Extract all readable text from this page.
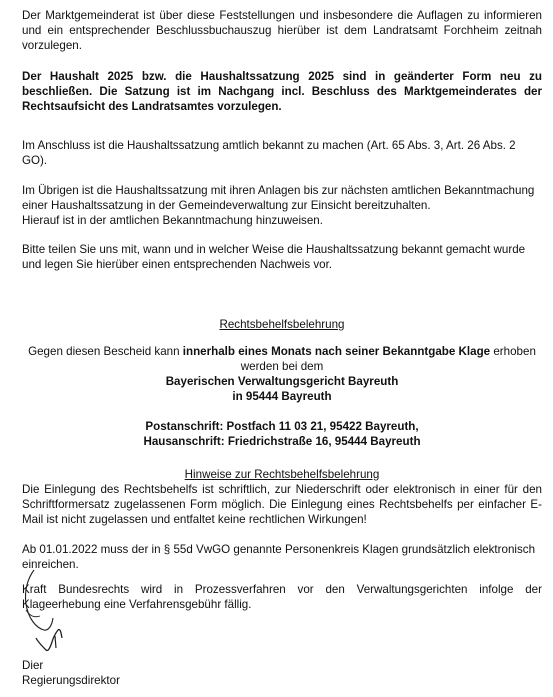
Der Marktgemeinderat ist über diese Feststellungen und insbesondere die Auflagen zu informieren und ein entsprechender Beschlussbuchauszug hierüber ist dem Landratsamt Forchheim zeitnah vorzulegen.

Der Haushalt 2025 bzw. die Haushaltssatzung 2025 sind in geänderter Form neu zu beschließen. Die Satzung ist im Nachgang incl. Beschluss des Marktgemeinderates der Rechtsaufsicht des Landratsamtes vorzulegen.

Im Anschluss ist die Haushaltssatzung amtlich bekannt zu machen (Art. 65 Abs. 3, Art. 26 Abs. 2 GO).

Im Übrigen ist die Haushaltssatzung mit ihren Anlagen bis zur nächsten amtlichen Bekanntmachung einer Haushaltssatzung in der Gemeindeverwaltung zur Einsicht bereitzuhalten.

Hierauf ist in der amtlichen Bekanntmachung hinzuweisen.

Bitte teilen Sie uns mit, wann und in welcher Weise die Haushaltssatzung bekannt gemacht wurde und legen Sie hierüber einen entsprechenden Nachweis vor.

Rechtsbehelfsbelehrung

Gegen diesen Bescheid kann innerhalb eines Monats nach seiner Bekanntgabe Klage erhoben

werden bei dem

Bayerischen Verwaltungsgericht Bayreuth

in 95444 Bayreuth

Postanschrift: Postfach 11 03 21, 95422 Bayreuth,

Hausanschrift: Friedrichstraße 16, 95444 Bayreuth

Hinweise zur Rechtsbehelfsbelehrung

Die Einlegung des Rechtsbehelfs ist schriftlich, zur Niederschrift oder elektronisch in einer für den Schriftformersatz zugelassenen Form möglich. Die Einlegung eines Rechtsbehelfs per einfacher E-Mail ist nicht zugelassen und entfaltet keine rechtlichen Wirkungen!

Ab 01.01.2022 muss der in § 55d VwGO genannte Personenkreis Klagen grundsätzlich elektronisch einreichen.

Kraft Bundesrechts wird in Prozessverfahren vor den Verwaltungsgerichten infolge der Klageerhebung eine Verfahrensgebühr fällig.

Dier

Regierungsdirektor
